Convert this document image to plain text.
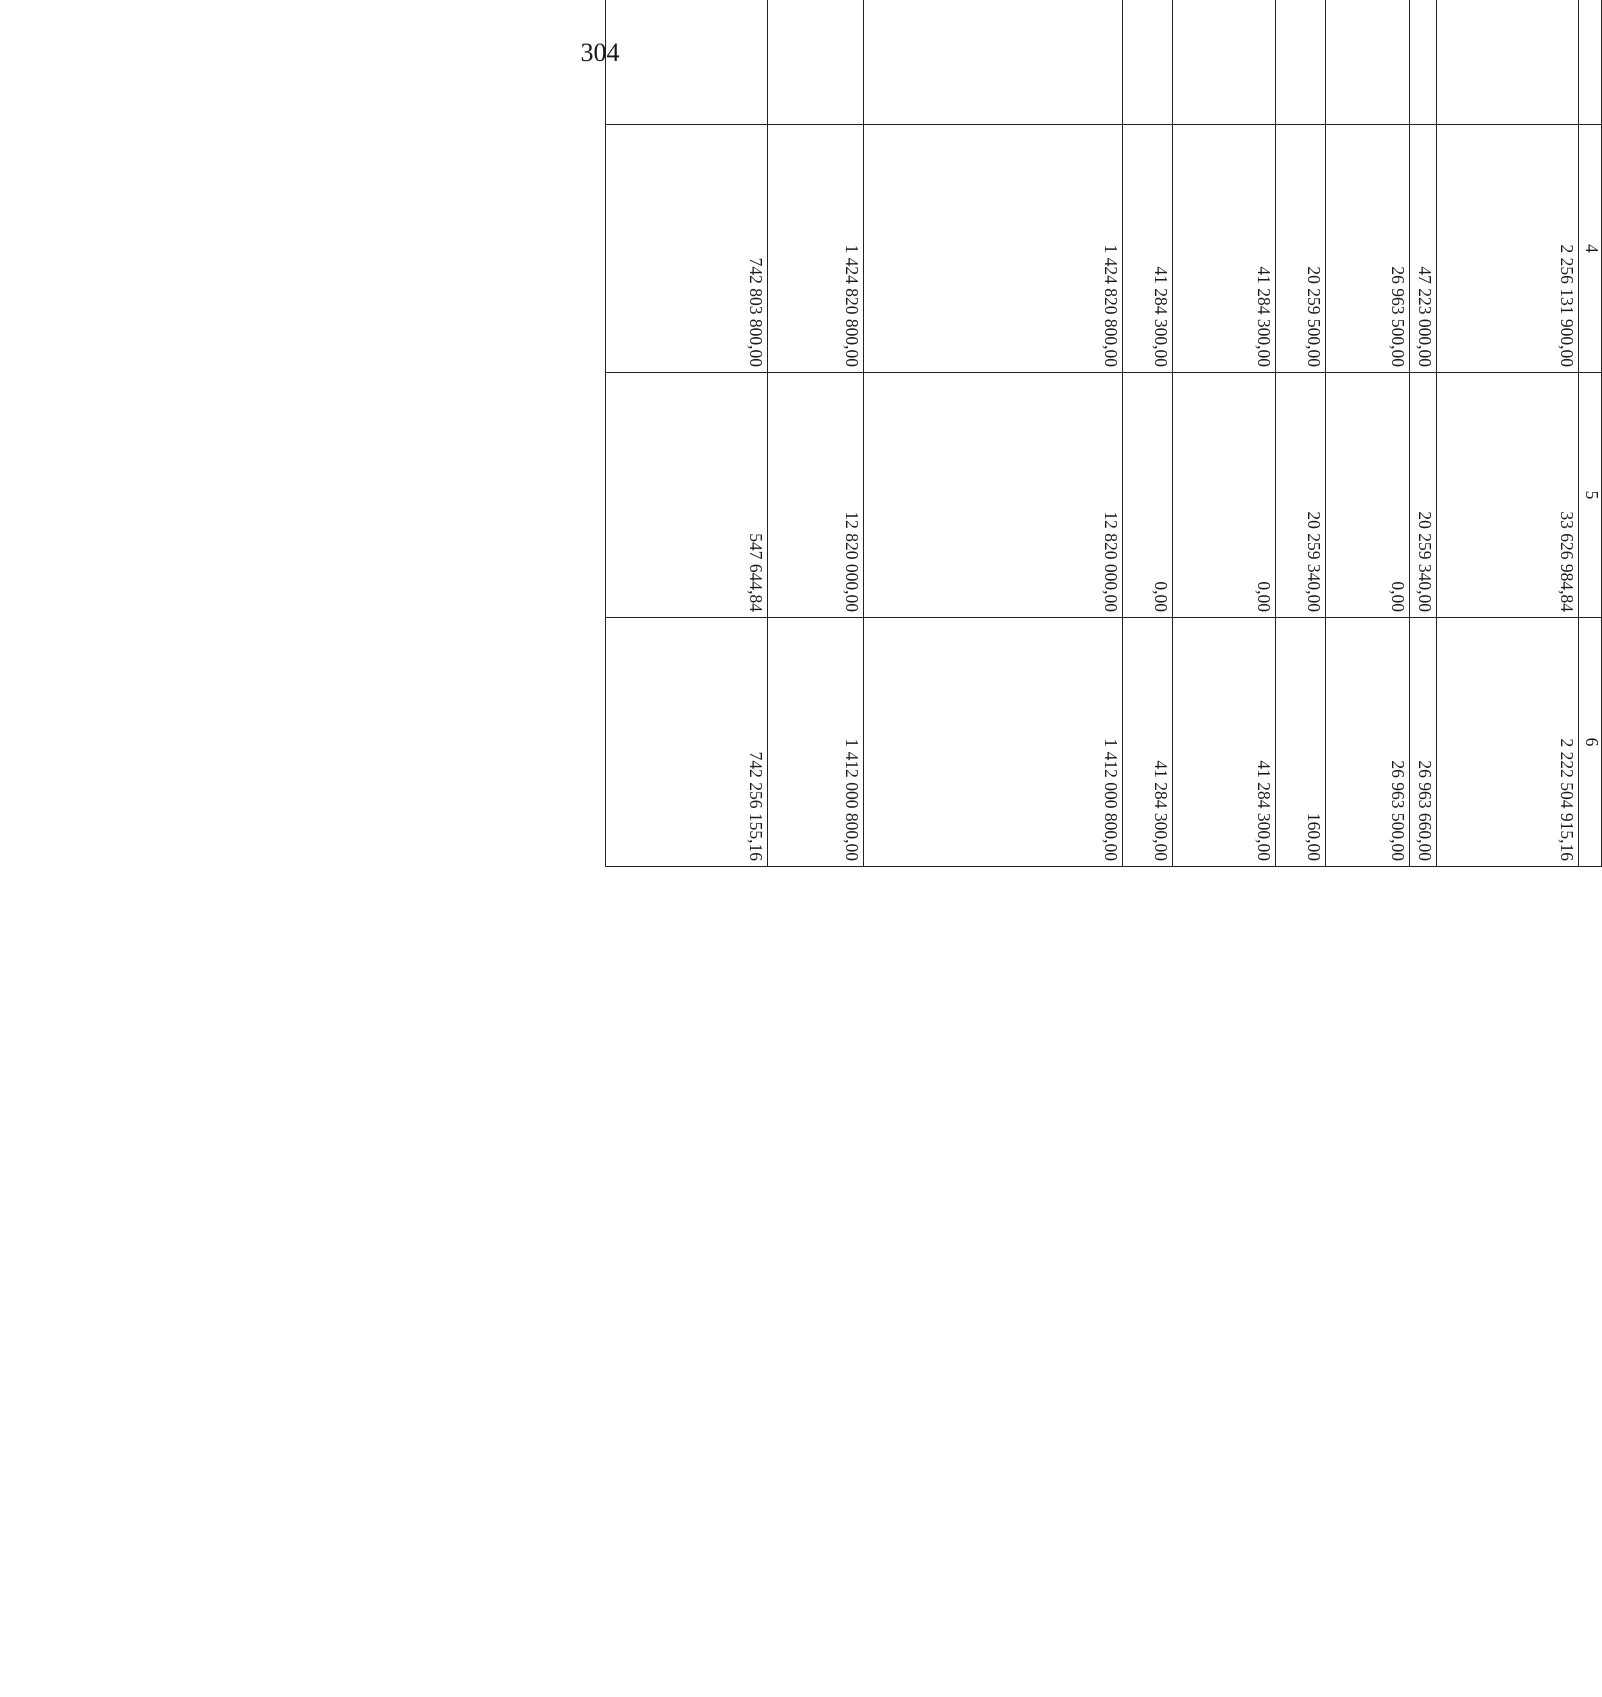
304
			4	5	6
			2 256 131 900,00	33 626 984,84	2 222 504 915,16
			47 223 000,00	20 259 340,00	26 963 660,00
			26 963 500,00	0,00	26 963 500,00
			20 259 500,00	20 259 340,00	160,00
			41 284 300,00	0,00	41 284 300,00
			41 284 300,00	0,00	41 284 300,00
			1 424 820 800,00	12 820 000,00	1 412 000 800,00
			1 424 820 800,00	12 820 000,00	1 412 000 800,00
			742 803 800,00	547 644,84	742 256 155,16
